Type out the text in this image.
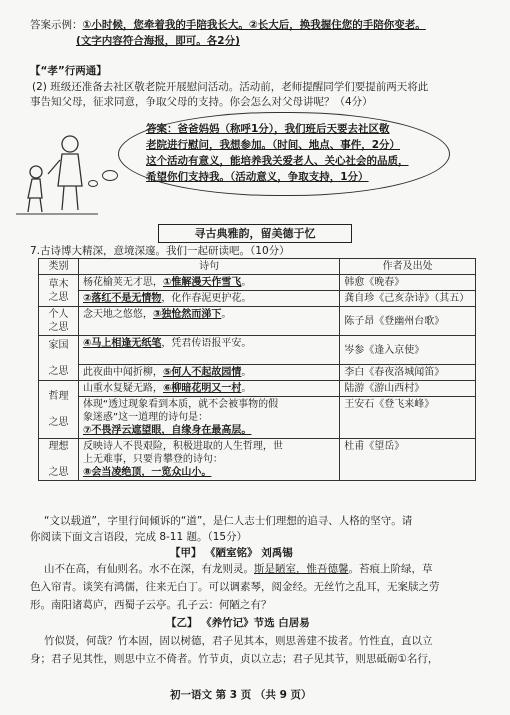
答案示例：①小时候，您牵着我的手陪我长大。②长大后，换我握住您的手陪你变老。
(文字内容符合海报，即可。各2分)
【“孝”行两通】
(2) 班级还准备去社区敬老院开展慰问活动。活动前，老师提醒同学们要提前两天将此
事告知父母，征求同意，争取父母的支持。你会怎么对父母讲呢？（4分）
答案：爸爸妈妈（称呼1分），我们班后天要去社区敬
老院进行慰问，我想参加。（时间、地点、事件，2分）
这个活动有意义，能培养我关爱老人、关心社会的品质，
希望你们支持我。（活动意义，争取支持，1分）
寻古典雅韵，留美德于忆
7.古诗博大精深，意境深邃。我们一起研读吧。（10分）
类别	诗句	作者及出处
草木
之思	杨花榆荚无才思，①惟解漫天作雪飞。	韩愈《晚春》
	②落红不是无情物，化作春泥更护花。	龚自珍《己亥杂诗》（其五）
个人
之思	念天地之悠悠，③独怆然而涕下。	陈子昂《登幽州台歌》
家国

之思	④马上相逢无纸笔，凭君传语报平安。	岑参《逢入京使》
	此夜曲中闻折柳，⑤何人不起故园情。	李白《春夜洛城闻笛》
哲理

之思	山重水复疑无路，⑥柳暗花明又一村。	陆游《游山西村》
	体现“透过现象看到本质，就不会被事物的假
象迷惑”这一道理的诗句是：
⑦不畏浮云遮望眼，自缘身在最高层。	王安石《登飞来峰》
理想

之思	反映诗人不畏艰险，积极进取的人生哲理，世
上无难事，只要肯攀登的诗句：
⑧会当凌绝顶，一览众山小。	杜甫《望岳》
“文以载道”，字里行间倾诉的“道”，是仁人志士们理想的追寻、人格的坚守。请
你阅读下面文言语段，完成 8-11 题。（15分）
【甲】 《陋室铭》 刘禹锡
山不在高，有仙则名。水不在深，有龙则灵。斯是陋室，惟吾德馨。苔痕上阶绿，草
色入帘青。谈笑有鸿儒，往来无白丁。可以调素琴，阅金经。无丝竹之乱耳，无案牍之劳
形。南阳诸葛庐，西蜀子云亭。孔子云：何陋之有？
【乙】 《养竹记》节选 白居易
竹似贤，何哉？竹本固，固以树德，君子见其本，则思善建不拔者。竹性直，直以立
身；君子见其性，则思中立不倚者。竹节贞，贞以立志；君子见其节，则思砥砺①名行，
初一语文 第 3 页 （共 9 页）
